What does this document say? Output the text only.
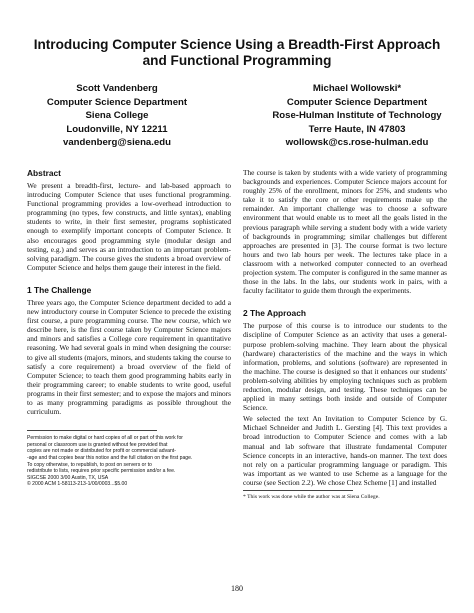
Introducing Computer Science Using a Breadth-First Approach
and Functional Programming
Scott Vandenberg
Computer Science Department
Siena College
Loudonville, NY 12211
vandenberg@siena.edu
Michael Wollowski*
Computer Science Department
Rose-Hulman Institute of Technology
Terre Haute, IN 47803
wollowsk@cs.rose-hulman.edu
Abstract

We present a breadth-first, lecture- and lab-based approach to introducing Computer Science that uses functional programming. Functional programming provides a low-overhead introduction to programming (no types, few constructs, and little syntax), enabling students to write, in their first semester, programs sophisticated enough to exemplify important concepts of Computer Science. It also encourages good programming style (modular design and testing, e.g.) and serves as an introduction to an important problem-solving paradigm. The course gives the students a broad overview of Computer Science and helps them gauge their interest in the field.

1 The Challenge

Three years ago, the Computer Science department decided to add a new introductory course in Computer Science to precede the existing first course, a pure programming course. The new course, which we describe here, is the first course taken by Computer Science majors and minors and satisfies a College core requirement in quantitative reasoning. We had several goals in mind when designing the course: to give all students (majors, minors, and students taking the course to satisfy a core requirement) a broad overview of the field of Computer Science; to teach them good programming habits early in their programming career; to enable students to write good, useful programs in their first semester; and to expose the majors and minors to as many programming paradigms as possible throughout the curriculum.

Permission to make digital or hard copies of all or part of this work for
personal or classroom use is granted without fee provided that
copies are not made or distributed for profit or commercial advant-
-age and that copies bear this notice and the full citation on the first page.
To copy otherwise, to republish, to post on servers or to
redistribute to lists, requires prior specific permission and/or a fee.
SIGCSE 2000 3/00 Austin, TX, USA
© 2000 ACM 1-58113-213-1/00/0003...$5.00

The course is taken by students with a wide variety of programming backgrounds and experiences. Computer Science majors account for roughly 25% of the enrollment, minors for 25%, and students who take it to satisfy the core or other requirements make up the remainder. An important challenge was to choose a software environment that would enable us to meet all the goals listed in the previous paragraph while serving a student body with a wide variety of backgrounds in programming; similar challenges but different approaches are presented in [3]. The course format is two lecture hours and two lab hours per week. The lectures take place in a classroom with a networked computer connected to an overhead projection system. The computer is configured in the same manner as those in the labs. In the labs, our students work in pairs, with a faculty facilitator to guide them through the experiments.

2 The Approach

The purpose of this course is to introduce our students to the discipline of Computer Science as an activity that uses a general-purpose problem-solving machine. They learn about the physical (hardware) characteristics of the machine and the ways in which information, problems, and solutions (software) are represented in the machine. The course is designed so that it enhances our students' problem-solving abilities by employing techniques such as problem reduction, modular design, and testing. These techniques can be applied in many settings both inside and outside of Computer Science.

We selected the text An Invitation to Computer Science by G. Michael Schneider and Judith L. Gersting [4]. This text provides a broad introduction to Computer Science and comes with a lab manual and lab software that illustrate fundamental Computer Science concepts in an interactive, hands-on manner. The text does not rely on a particular programming language or paradigm. This was important as we wanted to use Scheme as a language for the course (see Section 2.2). We chose Chez Scheme [1] and installed

* This work was done while the author was at Siena College.
180
